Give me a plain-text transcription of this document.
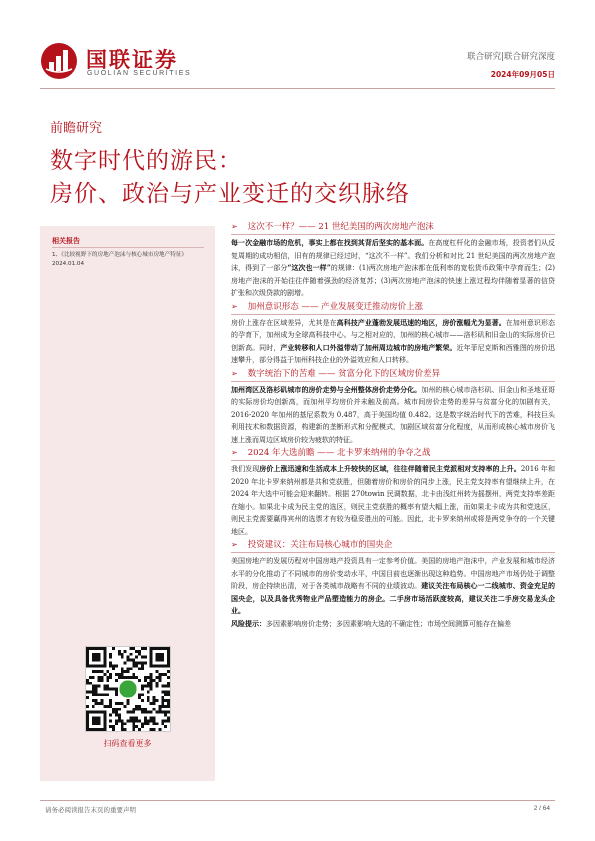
国联证券
GUOLIAN SECURITIES
联合研究|联合研究深度
2024年09月05日
前瞻研究
数字时代的游民：
房价、政治与产业变迁的交织脉络
相关报告
1、《比较视野下的房地产泡沫与核心城市房地产特征》2024.01.04
扫码查看更多
➢ 这次不一样？—— 21 世纪美国的两次房地产泡沫
每一次金融市场的危机，事实上都在找到其背后坚实的基本面。在高度杠杆化的金融市场，投资者们从反复周期的成功相信，旧有的规律已经过时，“这次不一样”。我们分析和对比 21 世纪美国的两次房地产泡沫，得到了一部分“这次也一样”的规律：(1)两次房地产泡沫都在低利率的宽松货币政策中孕育而生；(2)房地产泡沫的开始往往伴随着强劲的经济复苏；(3)两次房地产泡沫的快速上涨过程均伴随着显著的信贷扩张和次级贷款的剧增。
➢ 加州意识形态 —— 产业发展变迁推动房价上涨
房价上涨存在区域差异，尤其是在高科技产业蓬勃发展迅速的地区，房价涨幅尤为显著。在加州意识形态的孕育下，加州成为全球高科技中心。与之相对应的，加州的核心城市——洛杉矶和旧金山的实际房价已创新高。同时，产业转移和人口外溢带动了加州周边城市的房地产繁荣。近年菲尼克斯和西雅图的房价迅速攀升，部分得益于加州科技企业的外溢效应和人口转移。
➢ 数字统治下的苦难 —— 贫富分化下的区域房价差异
加州湾区及洛杉矶城市的房价走势与全州整体房价走势分化。加州的核心城市洛杉矶、旧金山和圣地亚哥的实际房价均创新高，而加州平均房价并未触及前高。城市间房价走势的差异与贫富分化的加剧有关，2016-2020 年加州的基尼系数为 0.487，高于美国均值 0.482。这是数字统治时代下的苦难，科技巨头利用技术和数据资源，构建新的垄断形式和分配模式，加剧区域贫富分化程度，从而形成核心城市房价飞速上涨而周边区域房价较为疲软的特征。
➢ 2024 年大选前瞻 —— 北卡罗来纳州的争夺之战
我们发现房价上涨迅速和生活成本上升较快的区域，往往伴随着民主党派相对支持率的上升。2016 年和 2020 年北卡罗来纳州都是共和党获胜，但随着房价和房价的同步上涨，民主党支持率有望继续上升，在 2024 年大选中可能会迎来翻转。根据 270towin 民调数据，北卡由浅红州转为摇摆州，两党支持率差距在缩小。如果北卡成为民主党的选区，则民主党获胜的概率有望大幅上涨，而如果北卡成为共和党选区，则民主党需要赢得宾州的选票才有较为稳妥胜出的可能。因此，北卡罗来纳州或将是两党争夺的一个关键地区。
➢ 投资建议：关注布局核心城市的国央企
美国房地产的发展历程对中国房地产投资具有一定参考价值。美国的房地产泡沫中，产业发展和城市经济水平的分化推动了不同城市的房价变动水平，中国目前也逐渐出现这种趋势。中国房地产市场仍处于调整阶段，房企持续出清，对于各类城市战略有不同的业绩波动。建议关注布局核心一二线城市、资金充足的国央企，以及具备优秀物业产品塑造能力的房企。二手房市场活跃度较高，建议关注二手房交易龙头企业。
风险提示：多因素影响房价走势；多因素影响大选的不确定性；市场空间测算可能存在偏差
请务必阅读报告末页的重要声明	2 / 64
